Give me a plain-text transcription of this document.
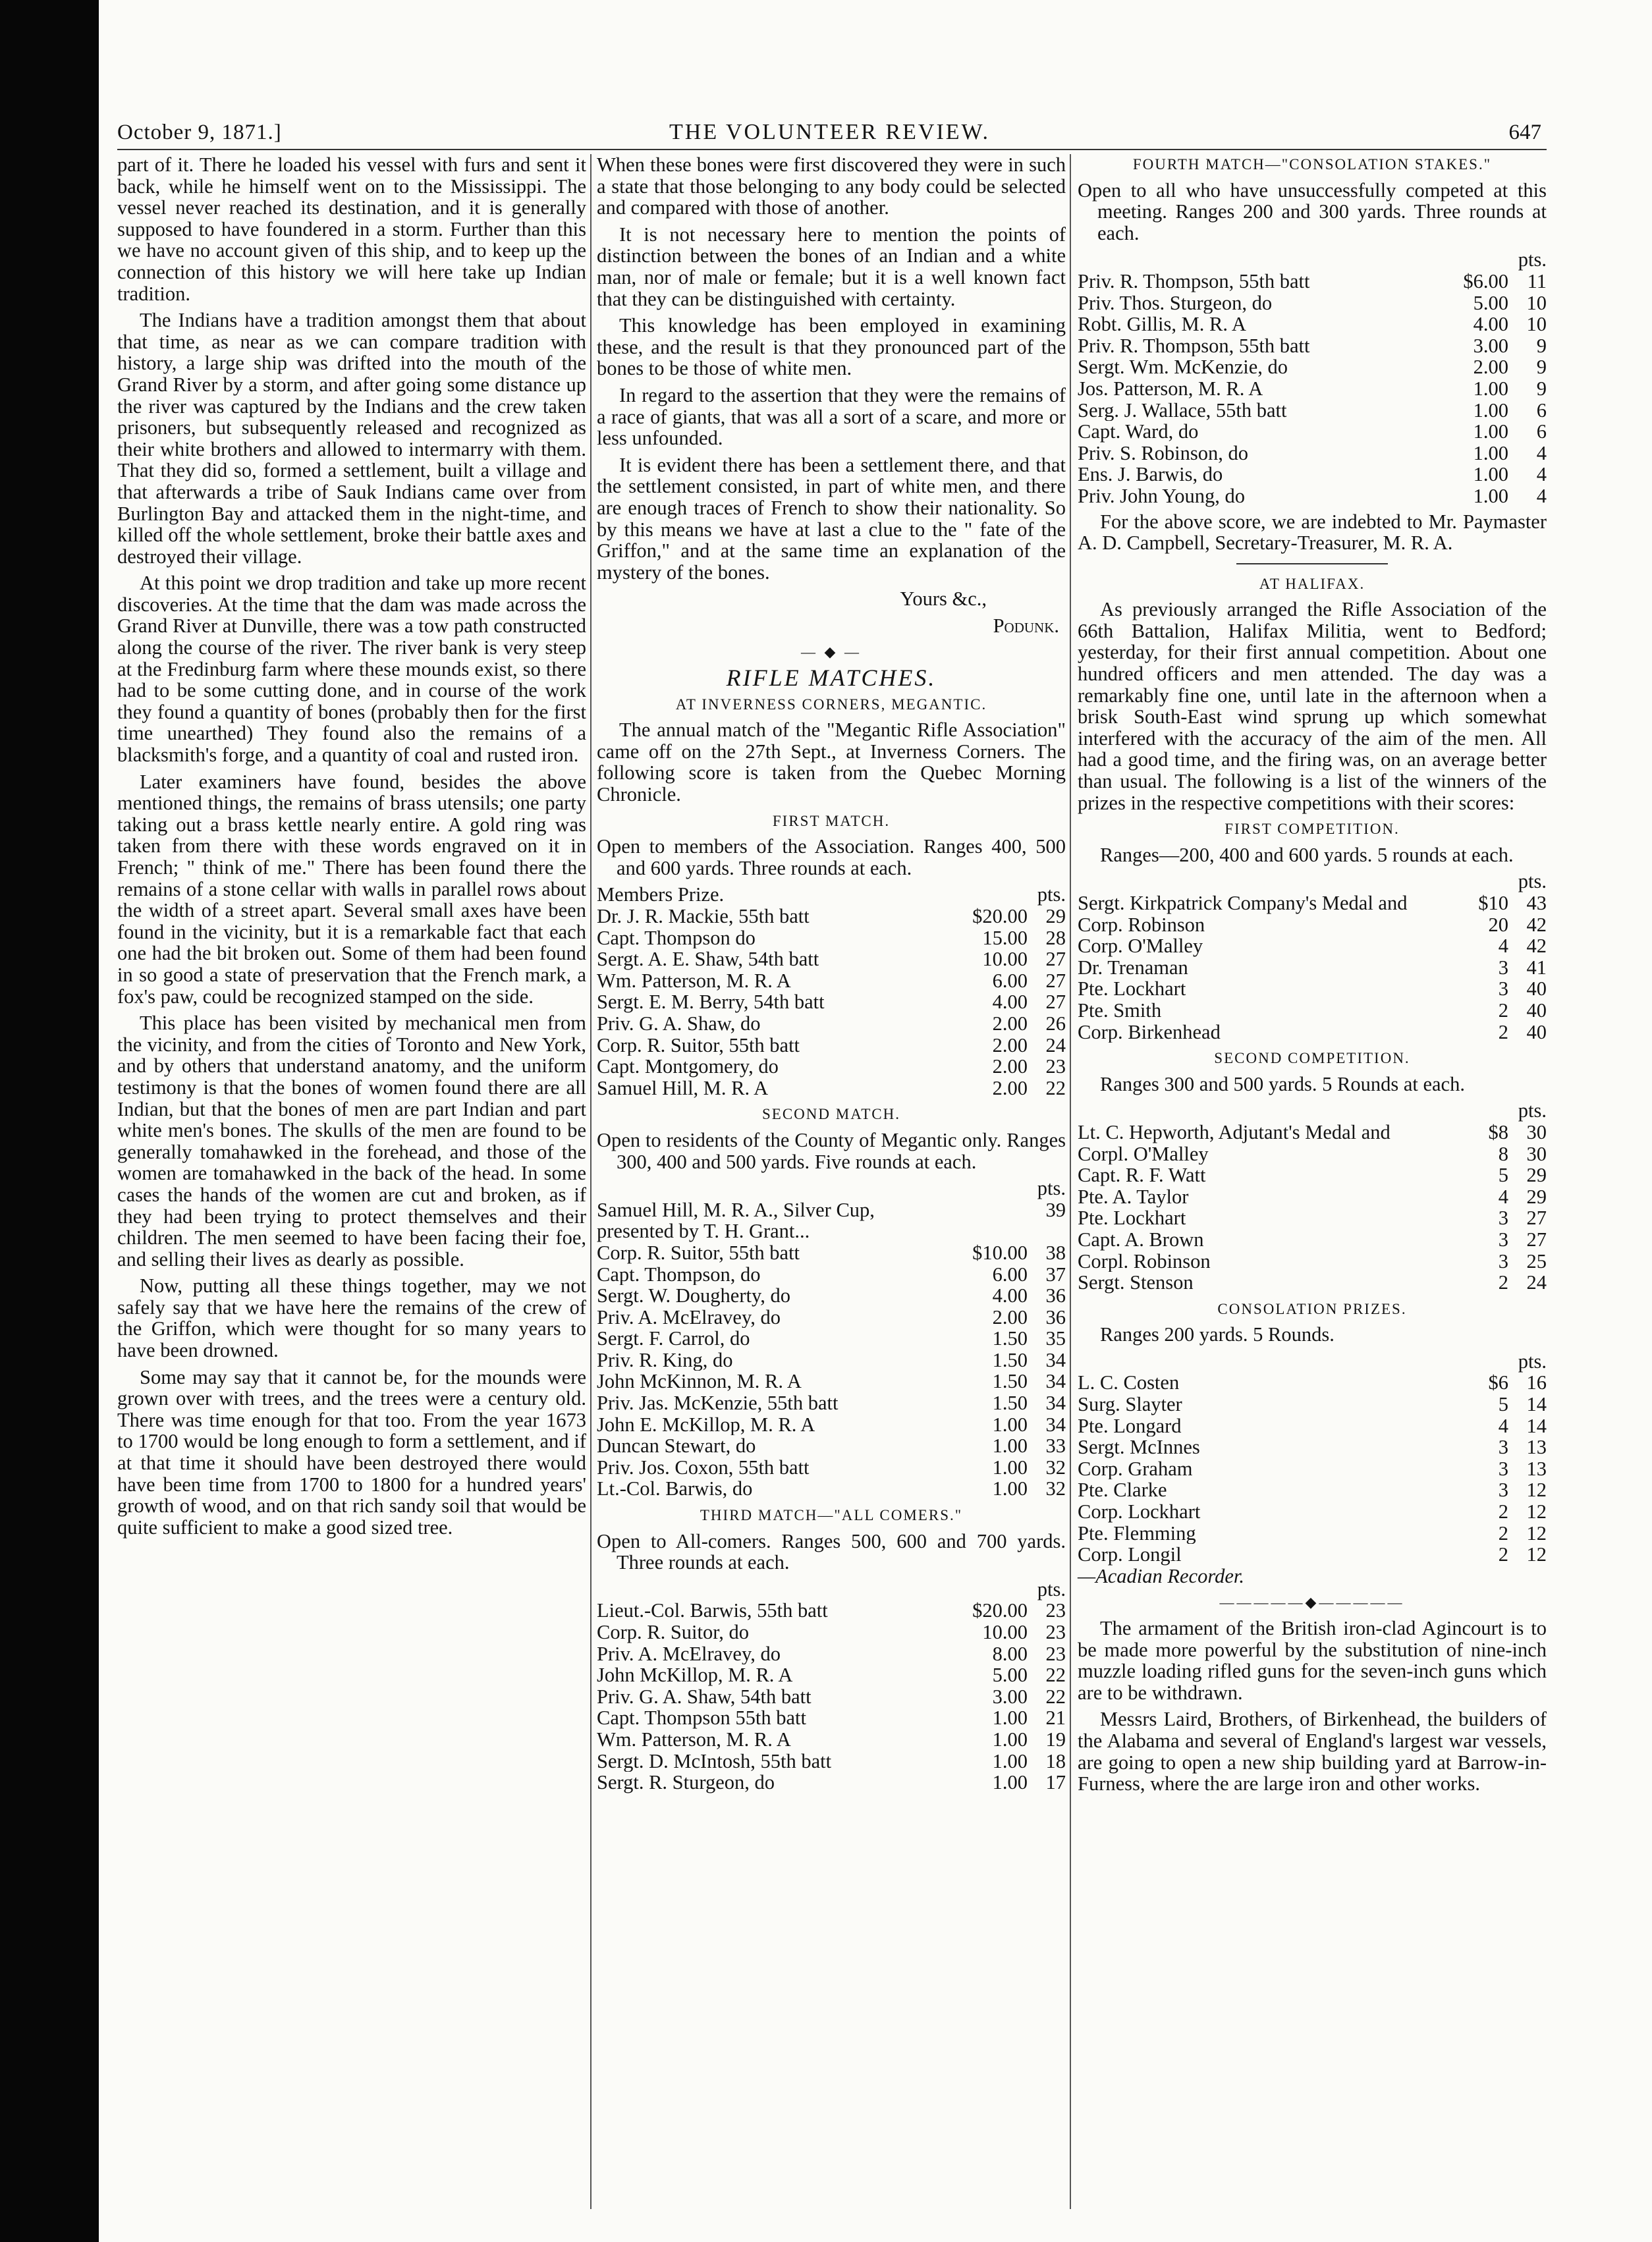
October 9, 1871.]	THE VOLUNTEER REVIEW.	647

part of it. There he loaded his vessel with furs and sent it back, while he himself went on to the Mississippi. The vessel never reached its destination, and it is generally supposed to have foundered in a storm. Further than this we have no account given of this ship, and to keep up the connection of this history we will here take up Indian tradition.

The Indians have a tradition amongst them that about that time, as near as we can compare tradition with history, a large ship was drifted into the mouth of the Grand River by a storm, and after going some distance up the river was captured by the Indians and the crew taken prisoners, but subsequently released and recognized as their white brothers and allowed to intermarry with them. That they did so, formed a settlement, built a village and that afterwards a tribe of Sauk Indians came over from Burlington Bay and attacked them in the night-time, and killed off the whole settlement, broke their battle axes and destroyed their village.

At this point we drop tradition and take up more recent discoveries. At the time that the dam was made across the Grand River at Dunville, there was a tow path constructed along the course of the river. The river bank is very steep at the Fredinburg farm where these mounds exist, so there had to be some cutting done, and in course of the work they found a quantity of bones (probably then for the first time unearthed) They found also the remains of a blacksmith's forge, and a quantity of coal and rusted iron.

Later examiners have found, besides the above mentioned things, the remains of brass utensils; one party taking out a brass kettle nearly entire. A gold ring was taken from there with these words engraved on it in French; " think of me." There has been found there the remains of a stone cellar with walls in parallel rows about the width of a street apart. Several small axes have been found in the vicinity, but it is a remarkable fact that each one had the bit broken out. Some of them had been found in so good a state of preservation that the French mark, a fox's paw, could be recognized stamped on the side.

This place has been visited by mechanical men from the vicinity, and from the cities of Toronto and New York, and by others that understand anatomy, and the uniform testimony is that the bones of women found there are all Indian, but that the bones of men are part Indian and part white men's bones. The skulls of the men are found to be generally tomahawked in the forehead, and those of the women are tomahawked in the back of the head. In some cases the hands of the women are cut and broken, as if they had been trying to protect themselves and their children. The men seemed to have been facing their foe, and selling their lives as dearly as possible.

Now, putting all these things together, may we not safely say that we have here the remains of the crew of the Griffon, which were thought for so many years to have been drowned.

Some may say that it cannot be, for the mounds were grown over with trees, and the trees were a century old. There was time enough for that too. From the year 1673 to 1700 would be long enough to form a settlement, and if at that time it should have been destroyed there would have been time from 1700 to 1800 for a hundred years' growth of wood, and on that rich sandy soil that would be quite sufficient to make a good sized tree.

When these bones were first discovered they were in such a state that those belonging to any body could be selected and compared with those of another.

It is not necessary here to mention the points of distinction between the bones of an Indian and a white man, nor of male or female; but it is a well known fact that they can be distinguished with certainty.

This knowledge has been employed in examining these, and the result is that they pronounced part of the bones to be those of white men.

In regard to the assertion that they were the remains of a race of giants, that was all a sort of a scare, and more or less unfounded.

It is evident there has been a settlement there, and that the settlement consisted, in part of white men, and there are enough traces of French to show their nationality. So by this means we have at last a clue to the " fate of the Griffon," and at the same time an explanation of the mystery of the bones.

Yours &c.,

Podunk.

— ◆ —
RIFLE MATCHES.
AT INVERNESS CORNERS, MEGANTIC.

The annual match of the "Megantic Rifle Association" came off on the 27th Sept., at Inverness Corners. The following score is taken from the Quebec Morning Chronicle.

FIRST MATCH.

Open to members of the Association. Ranges 400, 500 and 600 yards. Three rounds at each.

Members Prize.		pts.
Dr. J. R. Mackie, 55th batt	$20.00	29
Capt. Thompson do	15.00	28
Sergt. A. E. Shaw, 54th batt	10.00	27
Wm. Patterson, M. R. A	6.00	27
Sergt. E. M. Berry, 54th batt	4.00	27
Priv. G. A. Shaw, do	2.00	26
Corp. R. Suitor, 55th batt	2.00	24
Capt. Montgomery, do	2.00	23
Samuel Hill, M. R. A	2.00	22
SECOND MATCH.

Open to residents of the County of Megantic only. Ranges 300, 400 and 500 yards. Five rounds at each.

pts.

Samuel Hill, M. R. A., Silver Cup, presented by T. H. Grant...		39
Corp. R. Suitor, 55th batt	$10.00	38
Capt. Thompson, do	6.00	37
Sergt. W. Dougherty, do	4.00	36
Priv. A. McElravey, do	2.00	36
Sergt. F. Carrol, do	1.50	35
Priv. R. King, do	1.50	34
John McKinnon, M. R. A	1.50	34
Priv. Jas. McKenzie, 55th batt	1.50	34
John E. McKillop, M. R. A	1.00	34
Duncan Stewart, do	1.00	33
Priv. Jos. Coxon, 55th batt	1.00	32
Lt.-Col. Barwis, do	1.00	32
THIRD MATCH—"ALL COMERS."

Open to All-comers. Ranges 500, 600 and 700 yards. Three rounds at each.

pts.

Lieut.-Col. Barwis, 55th batt	$20.00	23
Corp. R. Suitor, do	10.00	23
Priv. A. McElravey, do	8.00	23
John McKillop, M. R. A	5.00	22
Priv. G. A. Shaw, 54th batt	3.00	22
Capt. Thompson 55th batt	1.00	21
Wm. Patterson, M. R. A	1.00	19
Sergt. D. McIntosh, 55th batt	1.00	18
Sergt. R. Sturgeon, do	1.00	17
FOURTH MATCH—"CONSOLATION STAKES."

Open to all who have unsuccessfully competed at this meeting. Ranges 200 and 300 yards. Three rounds at each.

pts.

Priv. R. Thompson, 55th batt	$6.00	11
Priv. Thos. Sturgeon, do	5.00	10
Robt. Gillis, M. R. A	4.00	10
Priv. R. Thompson, 55th batt	3.00	9
Sergt. Wm. McKenzie, do	2.00	9
Jos. Patterson, M. R. A	1.00	9
Serg. J. Wallace, 55th batt	1.00	6
Capt. Ward, do	1.00	6
Priv. S. Robinson, do	1.00	4
Ens. J. Barwis, do	1.00	4
Priv. John Young, do	1.00	4

For the above score, we are indebted to Mr. Paymaster A. D. Campbell, Secretary-Treasurer, M. R. A.

AT HALIFAX.

As previously arranged the Rifle Association of the 66th Battalion, Halifax Militia, went to Bedford; yesterday, for their first annual competition. About one hundred officers and men attended. The day was a remarkably fine one, until late in the afternoon when a brisk South-East wind sprung up which somewhat interfered with the accuracy of the aim of the men. All had a good time, and the firing was, on an average better than usual. The following is a list of the winners of the prizes in the respective competitions with their scores:

FIRST COMPETITION.

Ranges—200, 400 and 600 yards. 5 rounds at each.

pts.

Sergt. Kirkpatrick Company's Medal and	$10	43
Corp. Robinson	20	42
Corp. O'Malley	4	42
Dr. Trenaman	3	41
Pte. Lockhart	3	40
Pte. Smith	2	40
Corp. Birkenhead	2	40
SECOND COMPETITION.

Ranges 300 and 500 yards. 5 Rounds at each.

pts.

Lt. C. Hepworth, Adjutant's Medal and	$8	30
Corpl. O'Malley	8	30
Capt. R. F. Watt	5	29
Pte. A. Taylor	4	29
Pte. Lockhart	3	27
Capt. A. Brown	3	27
Corpl. Robinson	3	25
Sergt. Stenson	2	24
CONSOLATION PRIZES.

Ranges 200 yards. 5 Rounds.

pts.

L. C. Costen	$6	16
Surg. Slayter	5	14
Pte. Longard	4	14
Sergt. McInnes	3	13
Corp. Graham	3	13
Pte. Clarke	3	12
Corp. Lockhart	2	12
Pte. Flemming	2	12
Corp. Longil	2	12

—Acadian Recorder.

—————◆—————

The armament of the British iron-clad Agincourt is to be made more powerful by the substitution of nine-inch muzzle loading rifled guns for the seven-inch guns which are to be withdrawn.

Messrs Laird, Brothers, of Birkenhead, the builders of the Alabama and several of England's largest war vessels, are going to open a new ship building yard at Barrow-in-Furness, where the are large iron and other works.
